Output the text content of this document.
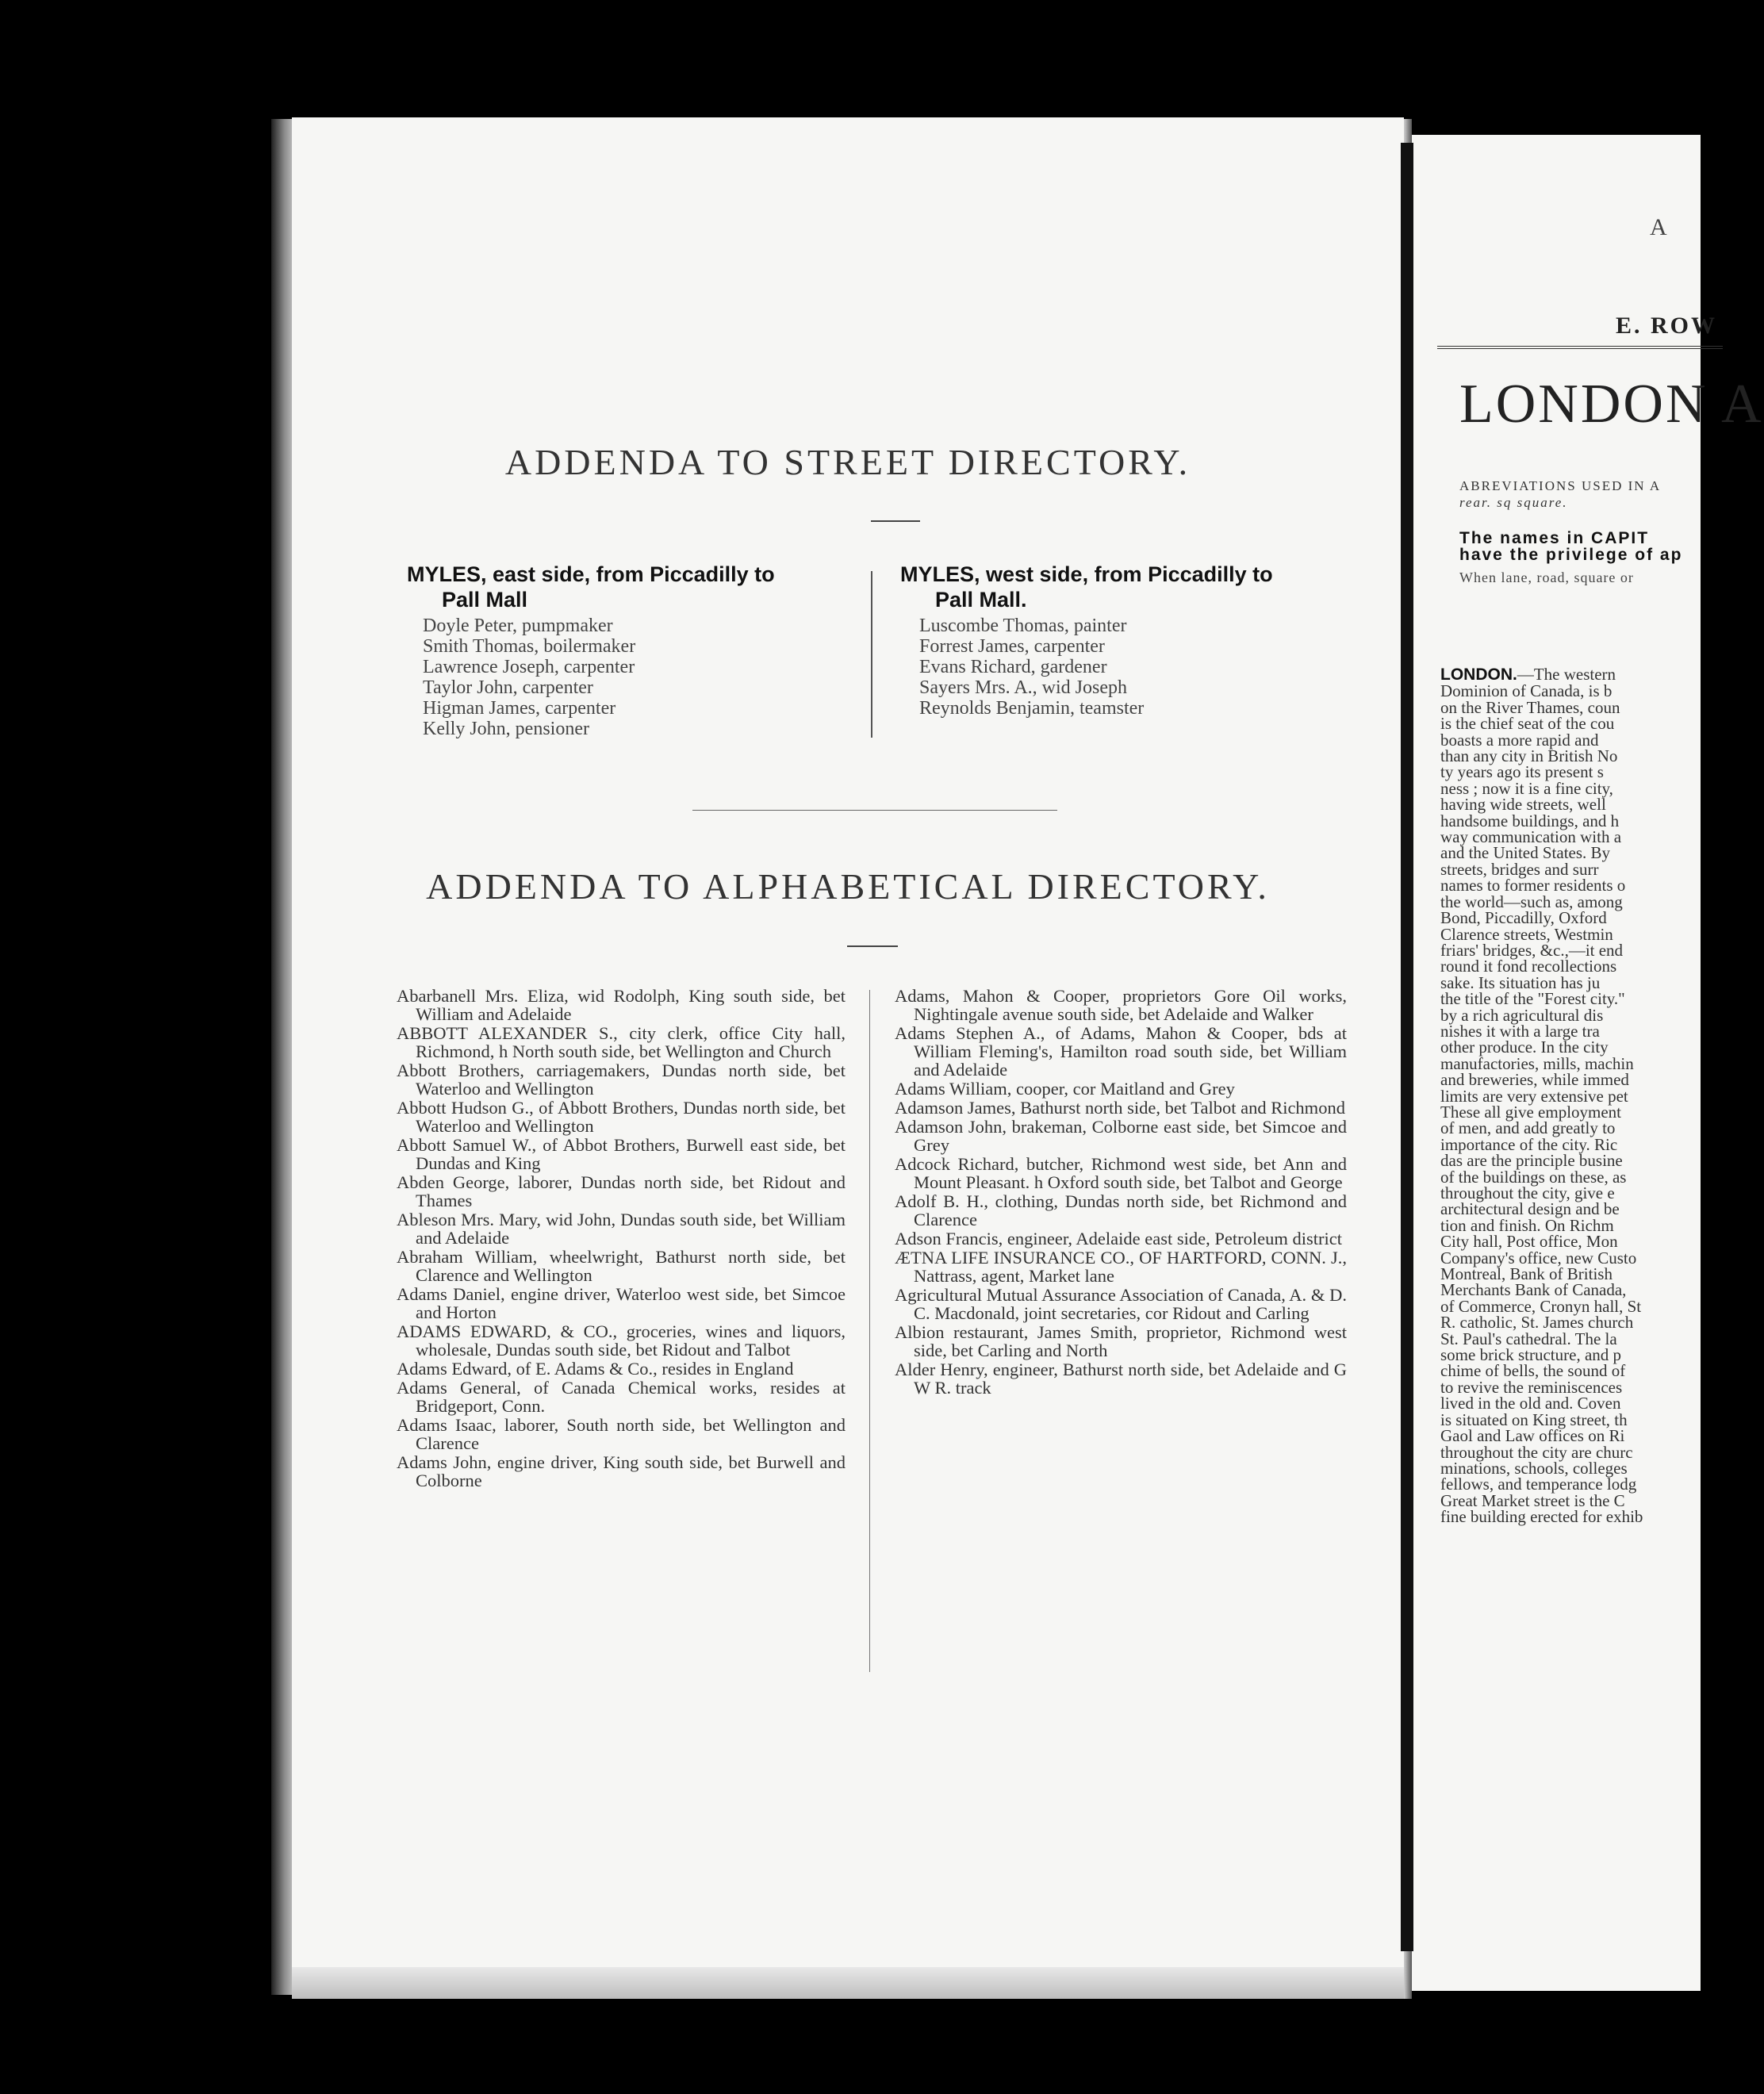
ADDENDA TO STREET DIRECTORY.
MYLES, east side, from Piccadilly to
Pall Mall
Doyle Peter, pumpmaker
Smith Thomas, boilermaker
Lawrence Joseph, carpenter
Taylor John, carpenter
Higman James, carpenter
Kelly John, pensioner
MYLES, west side, from Piccadilly to
Pall Mall.
Luscombe Thomas, painter
Forrest James, carpenter
Evans Richard, gardener
Sayers Mrs. A., wid Joseph
Reynolds Benjamin, teamster
ADDENDA TO ALPHABETICAL DIRECTORY.
Abarbanell Mrs. Eliza, wid Rodolph, King south side, bet William and Adelaide
ABBOTT ALEXANDER S., city clerk, office City hall, Richmond, h North south side, bet Wellington and Church
Abbott Brothers, carriagemakers, Dundas north side, bet Waterloo and Wellington
Abbott Hudson G., of Abbott Brothers, Dundas north side, bet Waterloo and Wellington
Abbott Samuel W., of Abbot Brothers, Burwell east side, bet Dundas and King
Abden George, laborer, Dundas north side, bet Ridout and Thames
Ableson Mrs. Mary, wid John, Dundas south side, bet William and Adelaide
Abraham William, wheelwright, Bathurst north side, bet Clarence and Wellington
Adams Daniel, engine driver, Waterloo west side, bet Simcoe and Horton
ADAMS EDWARD, & CO., groceries, wines and liquors, wholesale, Dundas south side, bet Ridout and Talbot
Adams Edward, of E. Adams & Co., resides in England
Adams General, of Canada Chemical works, resides at Bridgeport, Conn.
Adams Isaac, laborer, South north side, bet Wellington and Clarence
Adams John, engine driver, King south side, bet Burwell and Colborne
Adams, Mahon & Cooper, proprietors Gore Oil works, Nightingale avenue south side, bet Adelaide and Walker
Adams Stephen A., of Adams, Mahon & Cooper, bds at William Fleming's, Hamilton road south side, bet William and Adelaide
Adams William, cooper, cor Maitland and Grey
Adamson James, Bathurst north side, bet Talbot and Richmond
Adamson John, brakeman, Colborne east side, bet Simcoe and Grey
Adcock Richard, butcher, Richmond west side, bet Ann and Mount Pleasant. h Oxford south side, bet Talbot and George
Adolf B. H., clothing, Dundas north side, bet Richmond and Clarence
Adson Francis, engineer, Adelaide east side, Petroleum district
ÆTNA LIFE INSURANCE CO., OF HARTFORD, CONN. J., Nattrass, agent, Market lane
Agricultural Mutual Assurance Association of Canada, A. & D. C. Macdonald, joint secretaries, cor Ridout and Carling
Albion restaurant, James Smith, proprietor, Richmond west side, bet Carling and North
Alder Henry, engineer, Bathurst north side, bet Adelaide and G W R. track
A
E. ROW
LONDON A
ABREVIATIONS USED IN A
rear. sq square.
The names in CAPIT
have the privilege of ap
When lane, road, square or
LONDON.—The western
Dominion of Canada, is b
on the River Thames, coun
is the chief seat of the cou
boasts a more rapid and
than any city in British No
ty years ago its present s
ness ; now it is a fine city,
having wide streets, well
handsome buildings, and h
way communication with a
and the United States. By
streets, bridges and surr
names to former residents o
the world—such as, among
Bond, Piccadilly, Oxford
Clarence streets, Westmin
friars' bridges, &c.,—it end
round it fond recollections
sake. Its situation has ju
the title of the "Forest city."
by a rich agricultural dis
nishes it with a large tra
other produce. In the city
manufactories, mills, machin
and breweries, while immed
limits are very extensive pet
These all give employment
of men, and add greatly to
importance of the city. Ric
das are the principle busine
of the buildings on these, as
throughout the city, give e
architectural design and be
tion and finish. On Richm
City hall, Post office, Mon
Company's office, new Custo
Montreal, Bank of British
Merchants Bank of Canada,
of Commerce, Cronyn hall, St
R. catholic, St. James church
St. Paul's cathedral. The la
some brick structure, and p
chime of bells, the sound of
to revive the reminiscences
lived in the old and. Coven
is situated on King street, th
Gaol and Law offices on Ri
throughout the city are churc
minations, schools, colleges
fellows, and temperance lodg
Great Market street is the C
fine building erected for exhib
